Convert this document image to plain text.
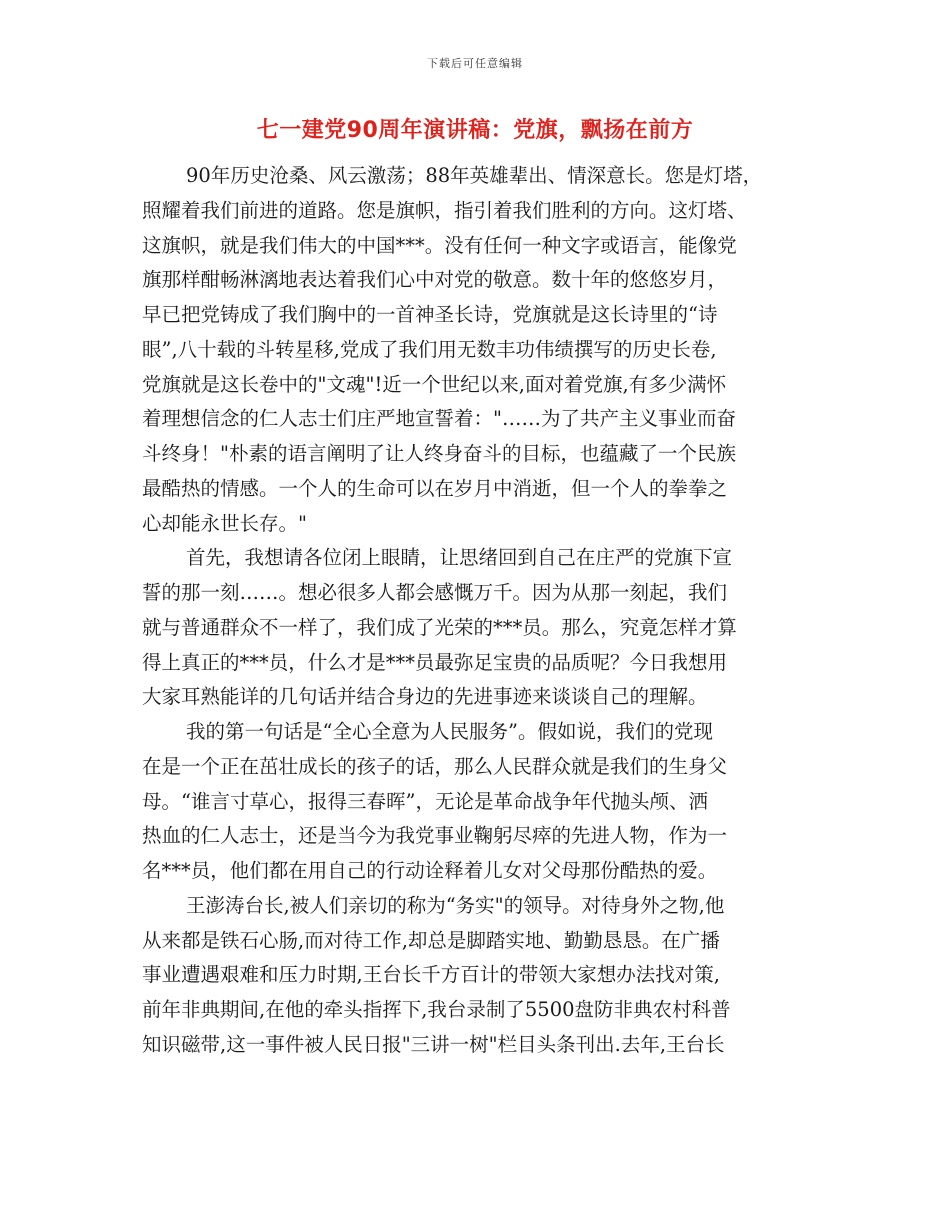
下载后可任意编辑
七一建党90周年演讲稿：党旗，飘扬在前方
90年历史沧桑、风云激荡；88年英雄辈出、情深意长。您是灯塔，
照耀着我们前进的道路。您是旗帜，指引着我们胜利的方向。这灯塔、
这旗帜，就是我们伟大的中国***。没有任何一种文字或语言，能像党
旗那样酣畅淋漓地表达着我们心中对党的敬意。数十年的悠悠岁月，
早已把党铸成了我们胸中的一首神圣长诗，党旗就是这长诗里的“诗
眼”,八十载的斗转星移,党成了我们用无数丰功伟绩撰写的历史长卷,
党旗就是这长卷中的"文魂"!近一个世纪以来,面对着党旗,有多少满怀
着理想信念的仁人志士们庄严地宣誓着："……为了共产主义事业而奋
斗终身！"朴素的语言阐明了让人终身奋斗的目标，也蕴藏了一个民族
最酷热的情感。一个人的生命可以在岁月中消逝，但一个人的拳拳之
心却能永世长存。"
首先，我想请各位闭上眼睛，让思绪回到自己在庄严的党旗下宣
誓的那一刻……。想必很多人都会感慨万千。因为从那一刻起，我们
就与普通群众不一样了，我们成了光荣的***员。那么，究竟怎样才算
得上真正的***员，什么才是***员最弥足宝贵的品质呢？今日我想用
大家耳熟能详的几句话并结合身边的先进事迹来谈谈自己的理解。
我的第一句话是“全心全意为人民服务”。假如说，我们的党现
在是一个正在茁壮成长的孩子的话，那么人民群众就是我们的生身父
母。“谁言寸草心，报得三春晖”，无论是革命战争年代抛头颅、洒
热血的仁人志士，还是当今为我党事业鞠躬尽瘁的先进人物，作为一
名***员，他们都在用自己的行动诠释着儿女对父母那份酷热的爱。
王澎涛台长,被人们亲切的称为“务实"的领导。对待身外之物,他
从来都是铁石心肠,而对待工作,却总是脚踏实地、勤勤恳恳。在广播
事业遭遇艰难和压力时期,王台长千方百计的带领大家想办法找对策,
前年非典期间,在他的牵头指挥下,我台录制了5500盘防非典农村科普
知识磁带,这一事件被人民日报"三讲一树"栏目头条刊出.去年,王台长
